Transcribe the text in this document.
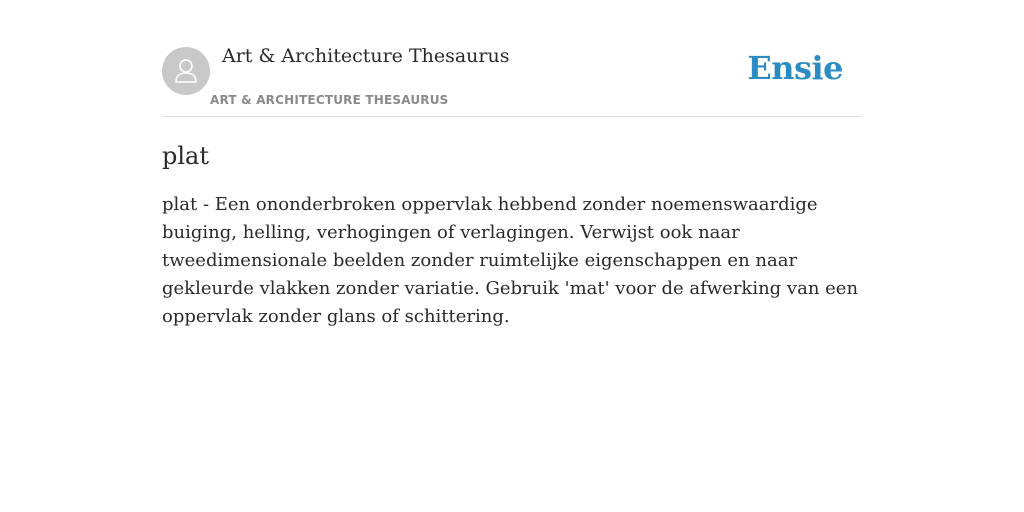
Art & Architecture Thesaurus
ART & ARCHITECTURE THESAURUS
Ensie
plat

plat - Een ononderbroken oppervlak hebbend zonder noemenswaardige buiging, helling, verhogingen of verlagingen. Verwijst ook naar tweedimensionale beelden zonder ruimtelijke eigenschappen en naar gekleurde vlakken zonder variatie. Gebruik 'mat' voor de afwerking van een oppervlak zonder glans of schittering.
